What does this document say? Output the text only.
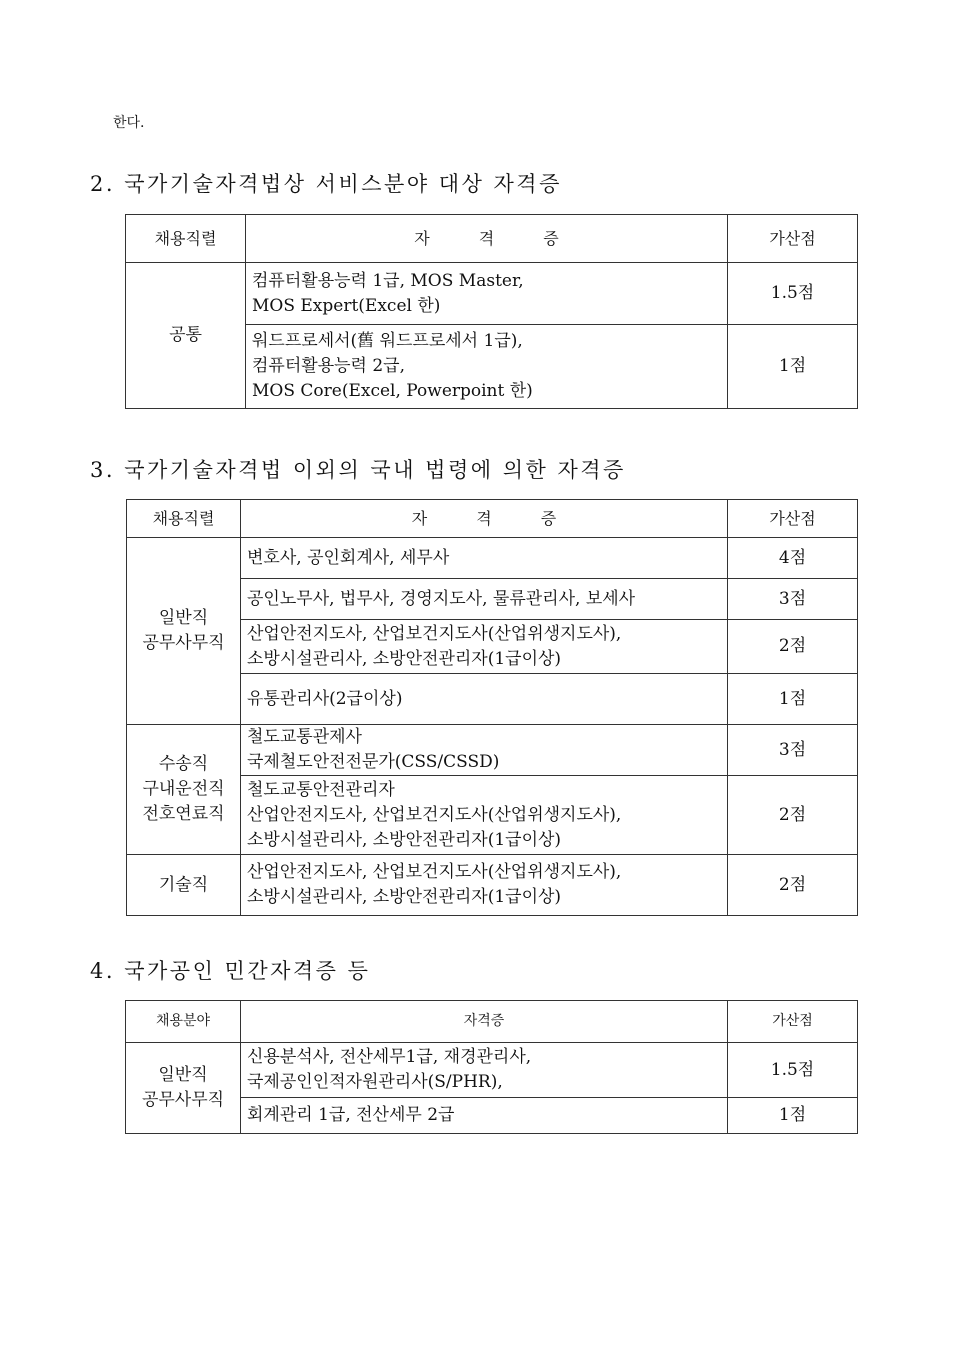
한다.
2. 국가기술자격법상 서비스분야 대상 자격증
채용직렬	자 격 증	가산점
공통	컴퓨터활용능력 1급, MOS Master,
MOS Expert(Excel 한)	1.5점

	워드프로세서(舊 워드프로세서 1급),
컴퓨터활용능력 2급,
MOS Core(Excel, Powerpoint 한)	1점
3. 국가기술자격법 이외의 국내 법령에 의한 자격증
채용직렬	자 격 증	가산점

일반직
공무사무직	변호사, 공인회계사, 세무사	4점

	공인노무사, 법무사, 경영지도사, 물류관리사, 보세사	3점

	산업안전지도사, 산업보건지도사(산업위생지도사),
소방시설관리사, 소방안전관리자(1급이상)	2점

	유통관리사(2급이상)	1점

수송직
구내운전직
전호연료직	철도교통관제사
국제철도안전전문가(CSS/CSSD)	3점

	철도교통안전관리자
산업안전지도사, 산업보건지도사(산업위생지도사),
소방시설관리사, 소방안전관리자(1급이상)	2점

기술직	산업안전지도사, 산업보건지도사(산업위생지도사),
소방시설관리사, 소방안전관리자(1급이상)	2점
4. 국가공인 민간자격증 등
채용분야	자격증	가산점

일반직
공무사무직	신용분석사, 전산세무1급, 재경관리사,
국제공인인적자원관리사(S/PHR),	1.5점

	회계관리 1급, 전산세무 2급	1점
